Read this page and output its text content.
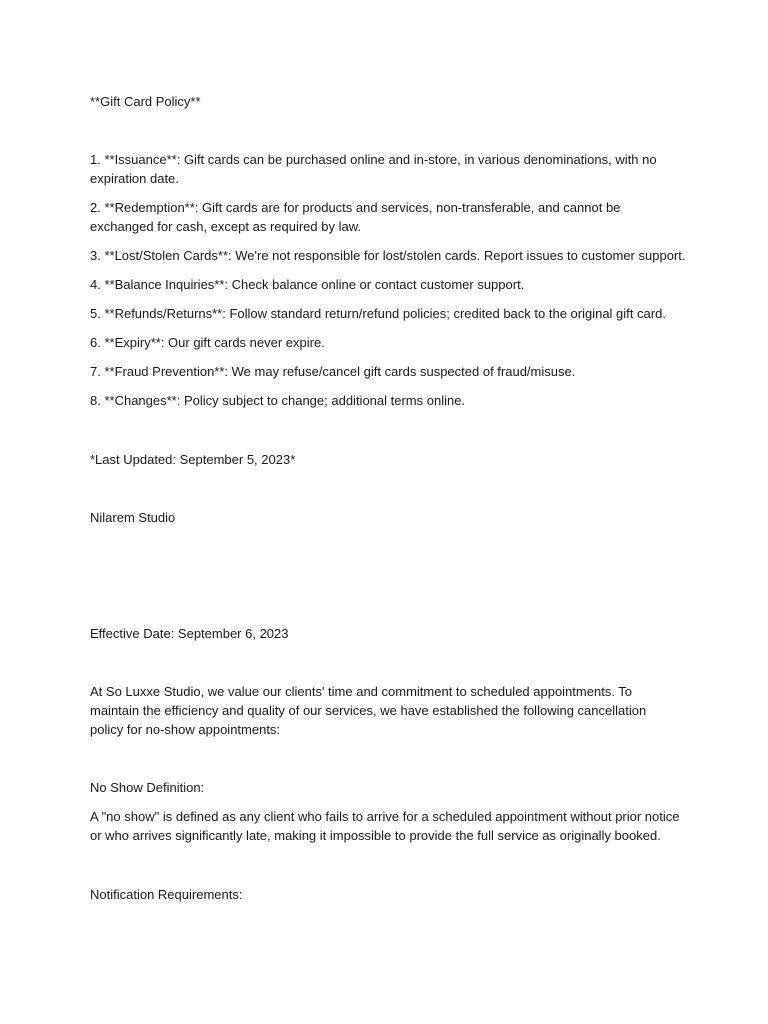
**Gift Card Policy**

1. **Issuance**: Gift cards can be purchased online and in-store, in various denominations, with no expiration date.

2. **Redemption**: Gift cards are for products and services, non-transferable, and cannot be exchanged for cash, except as required by law.

3. **Lost/Stolen Cards**: We're not responsible for lost/stolen cards. Report issues to customer support.

4. **Balance Inquiries**: Check balance online or contact customer support.

5. **Refunds/Returns**: Follow standard return/refund policies; credited back to the original gift card.

6. **Expiry**: Our gift cards never expire.

7. **Fraud Prevention**: We may refuse/cancel gift cards suspected of fraud/misuse.

8. **Changes**: Policy subject to change; additional terms online.

*Last Updated: September 5, 2023*

Nilarem Studio

Effective Date: September 6, 2023

At So Luxxe Studio, we value our clients' time and commitment to scheduled appointments. To maintain the efficiency and quality of our services, we have established the following cancellation policy for no-show appointments:

No Show Definition:

A "no show" is defined as any client who fails to arrive for a scheduled appointment without prior notice or who arrives significantly late, making it impossible to provide the full service as originally booked.

Notification Requirements:
